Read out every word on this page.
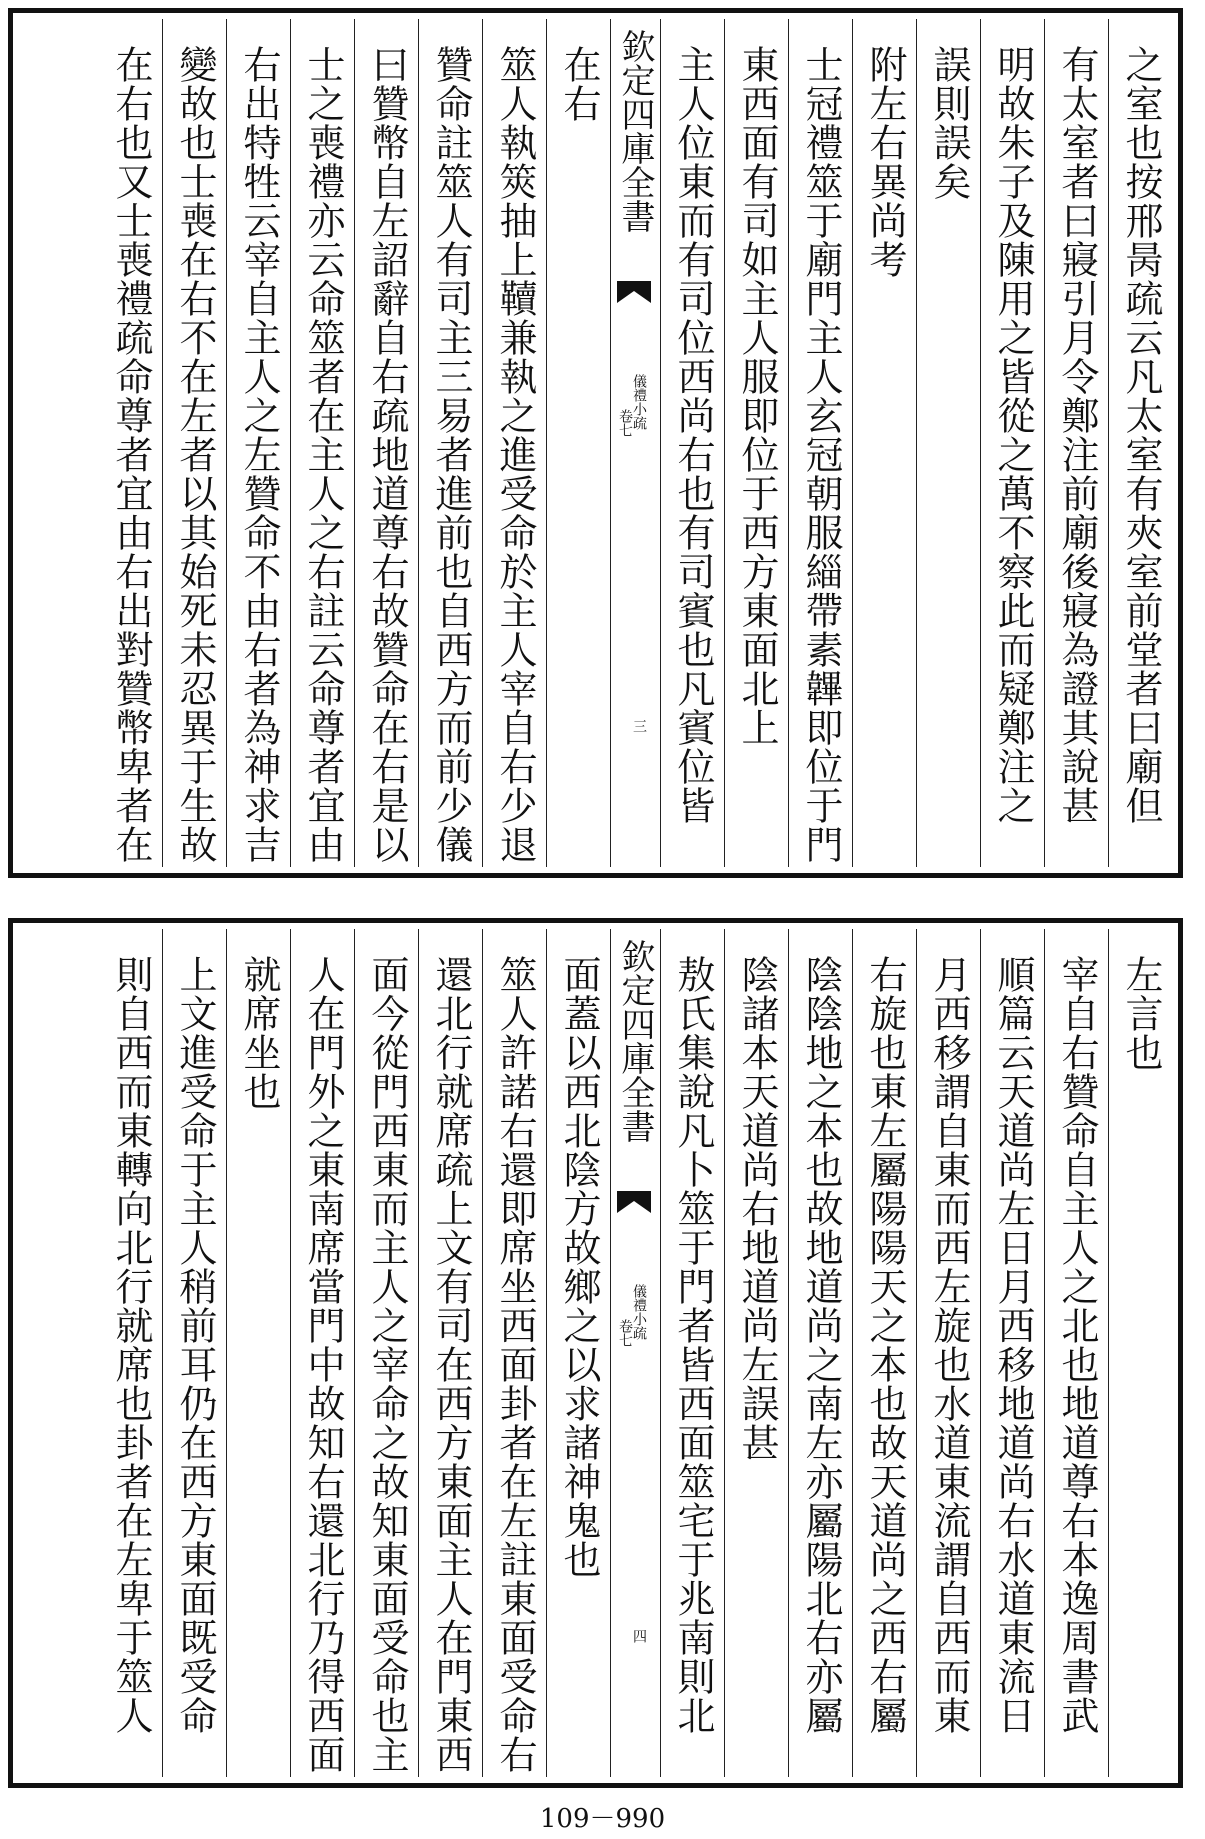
之室也按邢昺疏云凡太室有夾室前堂者曰廟但
有太室者曰寢引月令鄭注前廟後寢為證其說甚
明故朱子及陳用之皆從之萬不察此而疑鄭注之
誤則誤矣
附左右異尚考
士冠禮筮于廟門主人玄冠朝服緇帶素韠即位于門
東西面有司如主人服即位于西方東面北上
主人位東而有司位西尚右也有司賓也凡賓位皆
欽定四庫全書
儀禮小疏
卷七
三
在右
筮人執筴抽上韇兼執之進受命於主人宰自右少退
贊命註筮人有司主三易者進前也自西方而前少儀
曰贊幣自左詔辭自右疏地道尊右故贊命在右是以
士之喪禮亦云命筮者在主人之右註云命尊者宜由
右出特牲云宰自主人之左贊命不由右者為神求吉
變故也士喪在右不在左者以其始死未忍異于生故
在右也又士喪禮疏命尊者宜由右出對贊幣卑者在
左言也
宰自右贊命自主人之北也地道尊右本逸周書武
順篇云天道尚左日月西移地道尚右水道東流日
月西移謂自東而西左旋也水道東流謂自西而東
右旋也東左屬陽陽天之本也故天道尚之西右屬
陰陰地之本也故地道尚之南左亦屬陽北右亦屬
陰諸本天道尚右地道尚左誤甚
敖氏集說凡卜筮于門者皆西面筮宅于兆南則北
欽定四庫全書
儀禮小疏
卷七
四
面蓋以西北陰方故鄉之以求諸神鬼也
筮人許諾右還即席坐西面卦者在左註東面受命右
還北行就席疏上文有司在西方東面主人在門東西
面今從門西東而主人之宰命之故知東面受命也主
人在門外之東南席當門中故知右還北行乃得西面
就席坐也
上文進受命于主人稍前耳仍在西方東面既受命
則自西而東轉向北行就席也卦者在左卑于筮人
109－990
